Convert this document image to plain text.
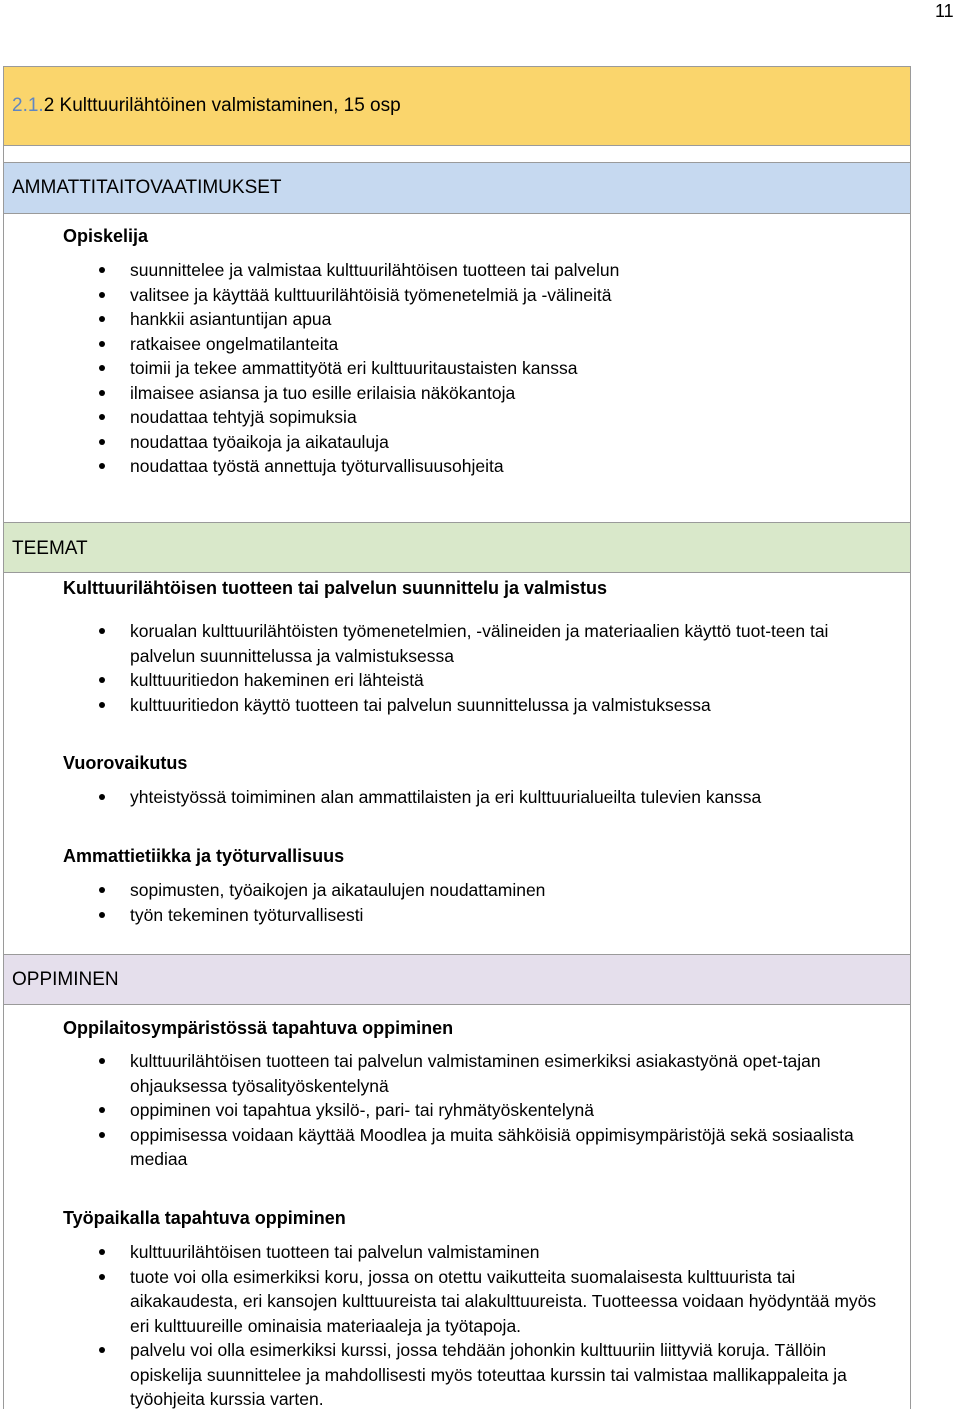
11
2.1.2 Kulttuurilähtöinen valmistaminen, 15 osp
AMMATTITAITOVAATIMUKSET
Opiskelija
suunnittelee ja valmistaa kulttuurilähtöisen tuotteen tai palvelun
valitsee ja käyttää kulttuurilähtöisiä työmenetelmiä ja -välineitä
hankkii asiantuntijan apua
ratkaisee ongelmatilanteita
toimii ja tekee ammattityötä eri kulttuuritaustaisten kanssa
ilmaisee asiansa ja tuo esille erilaisia näkökantoja
noudattaa tehtyjä sopimuksia
noudattaa työaikoja ja aikatauluja
noudattaa työstä annettuja työturvallisuusohjeita
TEEMAT
Kulttuurilähtöisen tuotteen tai palvelun suunnittelu ja valmistus
korualan kulttuurilähtöisten työmenetelmien, -välineiden ja materiaalien käyttö tuot-teen tai palvelun suunnittelussa ja valmistuksessa
kulttuuritiedon hakeminen eri lähteistä
kulttuuritiedon käyttö tuotteen tai palvelun suunnittelussa ja valmistuksessa
Vuorovaikutus
yhteistyössä toimiminen alan ammattilaisten ja eri kulttuurialueilta tulevien kanssa
Ammattietiikka ja työturvallisuus
sopimusten, työaikojen ja aikataulujen noudattaminen
työn tekeminen työturvallisesti
OPPIMINEN
Oppilaitosympäristössä tapahtuva oppiminen
kulttuurilähtöisen tuotteen tai palvelun valmistaminen esimerkiksi asiakastyönä opet-tajan ohjauksessa työsalityöskentelynä
oppiminen voi tapahtua yksilö-, pari- tai ryhmätyöskentelynä
oppimisessa voidaan käyttää Moodlea ja muita sähköisiä oppimisympäristöjä sekä sosiaalista mediaa
Työpaikalla tapahtuva oppiminen
kulttuurilähtöisen tuotteen tai palvelun valmistaminen
tuote voi olla esimerkiksi koru, jossa on otettu vaikutteita suomalaisesta kulttuurista tai aikakaudesta, eri kansojen kulttuureista tai alakulttuureista. Tuotteessa voidaan hyödyntää myös eri kulttuureille ominaisia materiaaleja ja työtapoja.
palvelu voi olla esimerkiksi kurssi, jossa tehdään johonkin kulttuuriin liittyviä koruja. Tällöin opiskelija suunnittelee ja mahdollisesti myös toteuttaa kurssin tai valmistaa mallikappaleita ja työohjeita kurssia varten.
